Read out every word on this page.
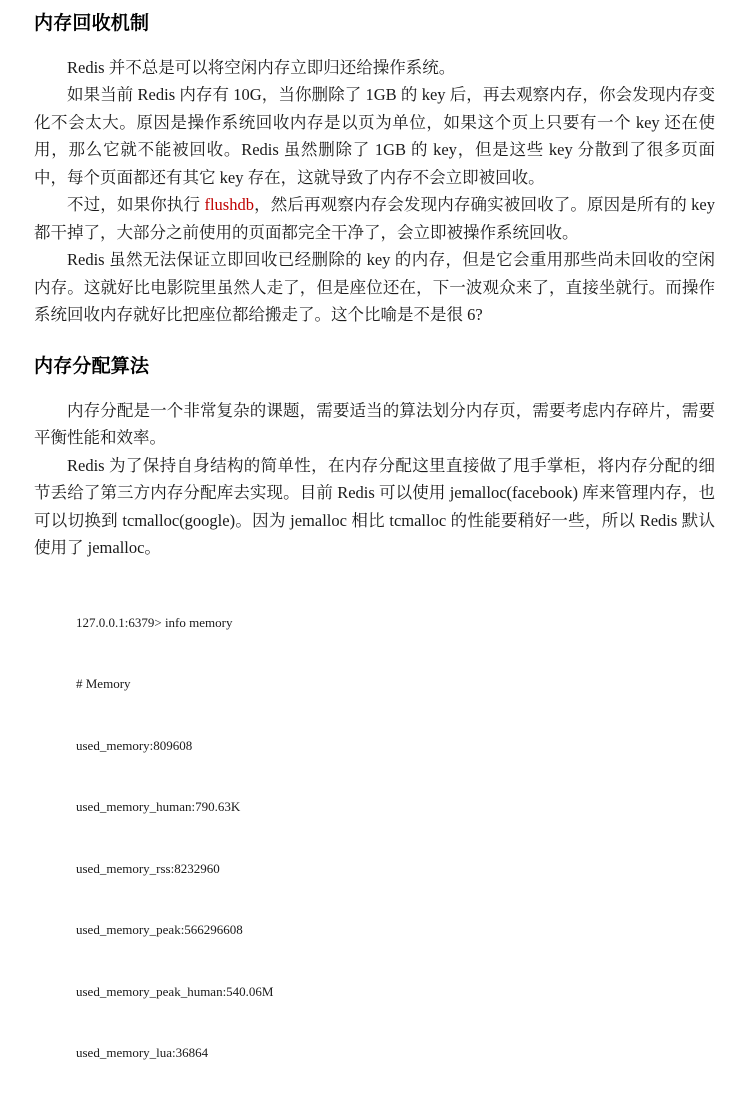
内存回收机制

Redis 并不总是可以将空闲内存立即归还给操作系统。

如果当前 Redis 内存有 10G，当你删除了 1GB 的 key 后，再去观察内存，你会发现内存变化不会太大。原因是操作系统回收内存是以页为单位，如果这个页上只要有一个 key 还在使用，那么它就不能被回收。Redis 虽然删除了 1GB 的 key，但是这些 key 分散到了很多页面中，每个页面都还有其它 key 存在，这就导致了内存不会立即被回收。

不过，如果你执行 flushdb，然后再观察内存会发现内存确实被回收了。原因是所有的 key 都干掉了，大部分之前使用的页面都完全干净了，会立即被操作系统回收。

Redis 虽然无法保证立即回收已经删除的 key 的内存，但是它会重用那些尚未回收的空闲内存。这就好比电影院里虽然人走了，但是座位还在，下一波观众来了，直接坐就行。而操作系统回收内存就好比把座位都给搬走了。这个比喻是不是很 6?

内存分配算法

内存分配是一个非常复杂的课题，需要适当的算法划分内存页，需要考虑内存碎片，需要平衡性能和效率。

Redis 为了保持自身结构的简单性，在内存分配这里直接做了甩手掌柜，将内存分配的细节丢给了第三方内存分配库去实现。目前 Redis 可以使用 jemalloc(facebook) 库来管理内存，也可以切换到 tcmalloc(google)。因为 jemalloc 相比 tcmalloc 的性能要稍好一些，所以 Redis 默认使用了 jemalloc。

127.0.0.1:6379> info memory

# Memory

used_memory:809608

used_memory_human:790.63K

used_memory_rss:8232960

used_memory_peak:566296608

used_memory_peak_human:540.06M

used_memory_lua:36864
